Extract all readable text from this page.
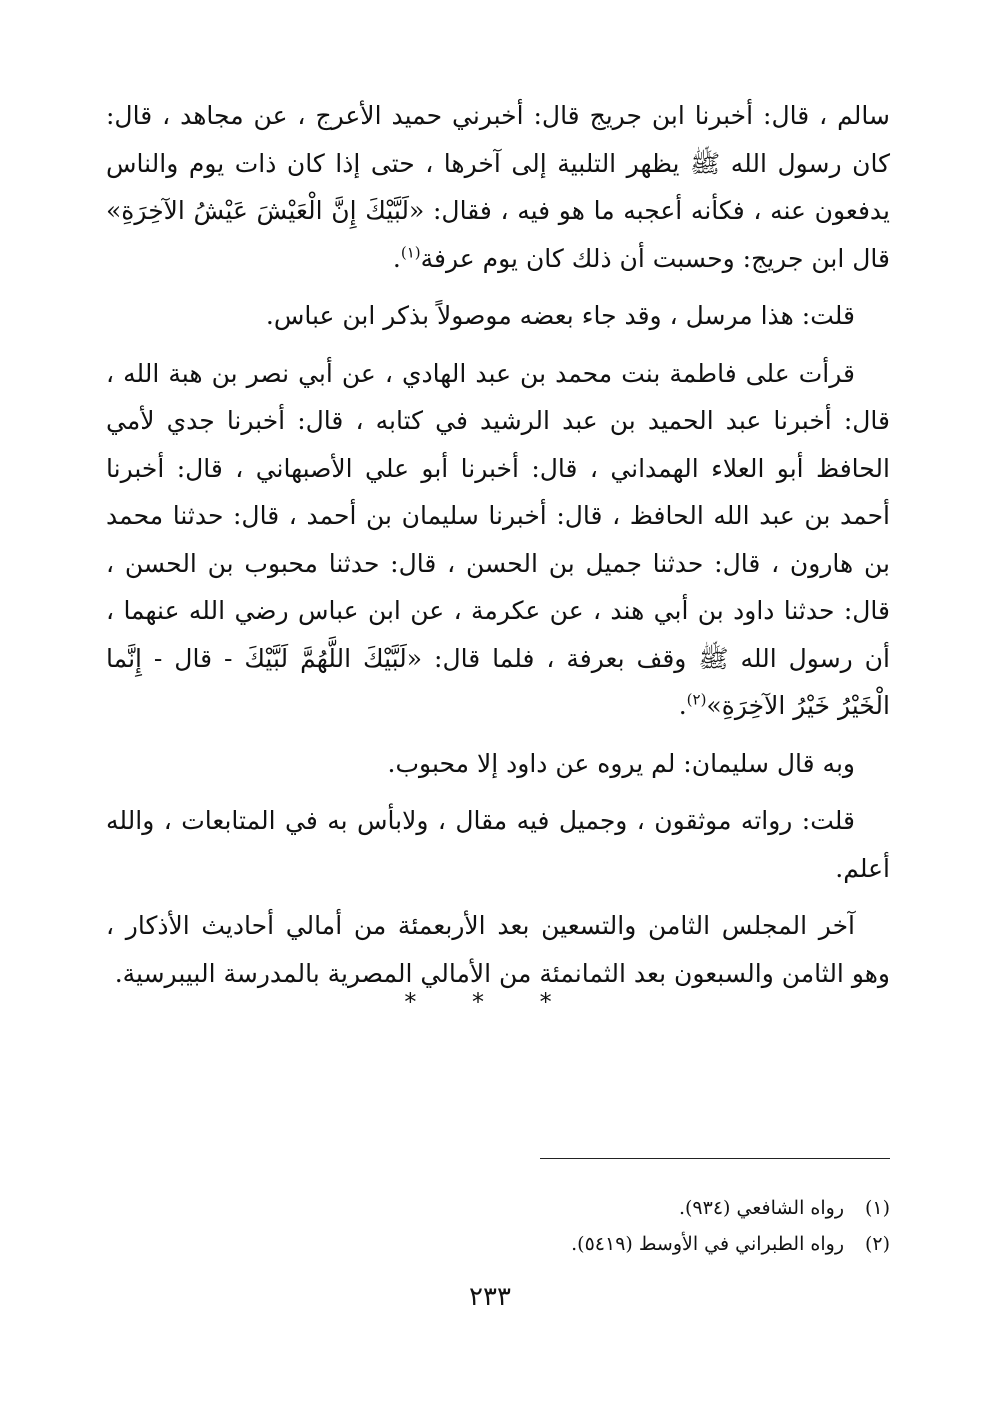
سالم ، قال: أخبرنا ابن جريج قال: أخبرني حميد الأعرج ، عن مجاهد ، قال: كان رسول الله ﷺ يظهر التلبية إلى آخرها ، حتى إذا كان ذات يوم والناس يدفعون عنه ، فكأنه أعجبه ما هو فيه ، فقال: «لَبَّيْكَ إِنَّ الْعَيْشَ عَيْشُ الآخِرَةِ» قال ابن جريج: وحسبت أن ذلك كان يوم عرفة$^{(١)}$.

قلت: هذا مرسل ، وقد جاء بعضه موصولاً بذكر ابن عباس.

قرأت على فاطمة بنت محمد بن عبد الهادي ، عن أبي نصر بن هبة الله ، قال: أخبرنا عبد الحميد بن عبد الرشيد في كتابه ، قال: أخبرنا جدي لأمي الحافظ أبو العلاء الهمداني ، قال: أخبرنا أبو علي الأصبهاني ، قال: أخبرنا أحمد بن عبد الله الحافظ ، قال: أخبرنا سليمان بن أحمد ، قال: حدثنا محمد بن هارون ، قال: حدثنا جميل بن الحسن ، قال: حدثنا محبوب بن الحسن ، قال: حدثنا داود بن أبي هند ، عن عكرمة ، عن ابن عباس رضي الله عنهما ، أن رسول الله ﷺ وقف بعرفة ، فلما قال: «لَبَّيْكَ اللَّهُمَّ لَبَّيْكَ - قال - إِنَّما الْخَيْرُ خَيْرُ الآخِرَةِ»$^{(٢)}$.

وبه قال سليمان: لم يروه عن داود إلا محبوب.

قلت: رواته موثقون ، وجميل فيه مقال ، ولابأس به في المتابعات ، والله أعلم.

آخر المجلس الثامن والتسعين بعد الأربعمئة من أمالي أحاديث الأذكار ، وهو الثامن والسبعون بعد الثمانمئة من الأمالي المصرية بالمدرسة البيبرسية.

* * *

(١)رواه الشافعي (٩٣٤).

(٢)رواه الطبراني في الأوسط (٥٤١٩).

٢٣٣
